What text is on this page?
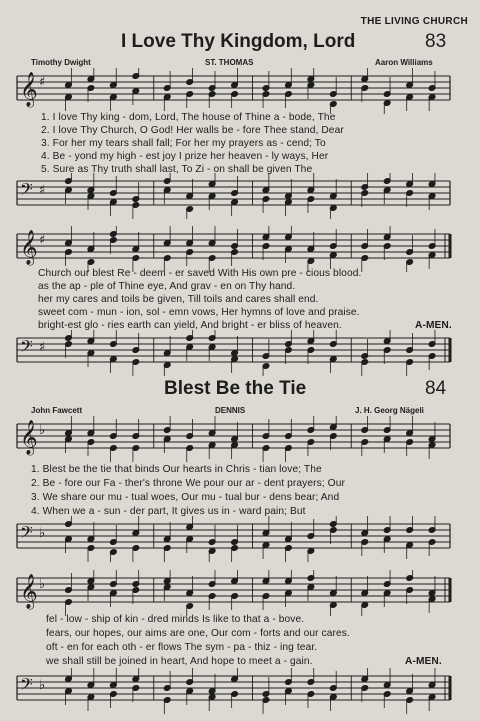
THE LIVING CHURCH
I Love Thy Kingdom, Lord	83
Timothy Dwight	ST. THOMAS	Aaron Williams
𝄞 ♯
1. I love Thy king - dom, Lord, The house of Thine a - bode, The
2. I love Thy Church, O God! Her walls be - fore Thee stand, Dear
3. For her my tears shall fall; For her my prayers as - cend; To
4. Be - yond my high - est joy I prize her heaven - ly ways, Her
5. Sure as Thy truth shall last, To Zi - on shall be given The
𝄢 ♯
𝄞 ♯
Church our blest Re - deem - er saved With His own pre - cious blood.
as the ap - ple of Thine eye, And grav - en on Thy hand.
her my cares and toils be given, Till toils and cares shall end.
sweet com - mun - ion, sol - emn vows, Her hymns of love and praise.
bright-est glo - ries earth can yield, And bright - er bliss of heaven.	A-MEN.
𝄢 ♯
Blest Be the Tie	84
John Fawcett	DENNIS	J. H. Georg Nägeli
𝄞 ♭
1. Blest be the tie that binds Our hearts in Chris - tian love; The
2. Be - fore our Fa - ther's throne We pour our ar - dent prayers; Our
3. We share our mu - tual woes, Our mu - tual bur - dens bear; And
4. When we a - sun - der part, It gives us in - ward pain; But
𝄢 ♭
𝄞 ♭
fel - low - ship of kin - dred minds Is like to that a - bove.
fears, our hopes, our aims are one, Our com - forts and our cares.
oft - en for each oth - er flows The sym - pa - thiz - ing tear.
we shall still be joined in heart, And hope to meet a - gain.	A-MEN.
𝄢 ♭
